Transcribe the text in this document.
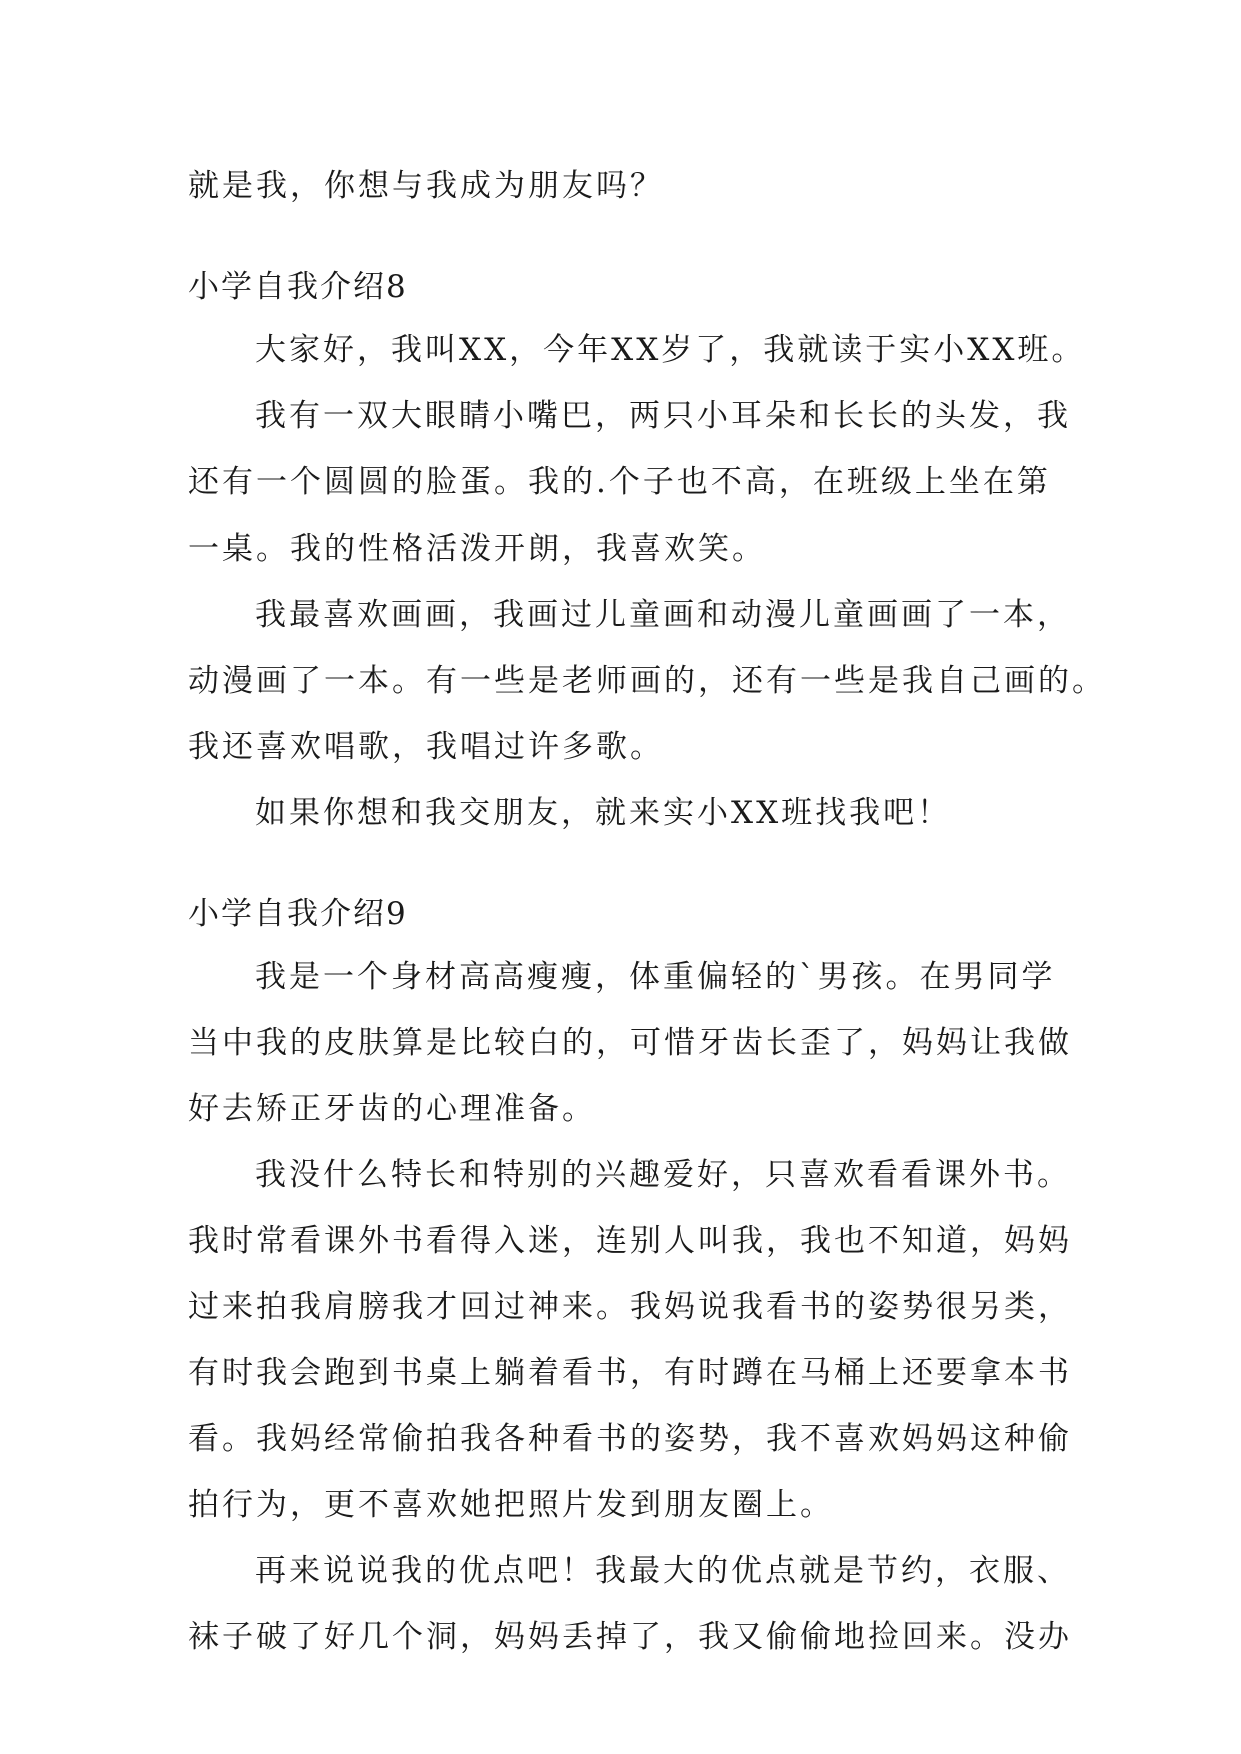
就是我，你想与我成为朋友吗？
小学自我介绍8
大家好，我叫XX，今年XX岁了，我就读于实小XX班。
我有一双大眼睛小嘴巴，两只小耳朵和长长的头发，我
还有一个圆圆的脸蛋。我的.个子也不高，在班级上坐在第
一桌。我的性格活泼开朗，我喜欢笑。
我最喜欢画画，我画过儿童画和动漫儿童画画了一本，
动漫画了一本。有一些是老师画的，还有一些是我自己画的。
我还喜欢唱歌，我唱过许多歌。
如果你想和我交朋友，就来实小XX班找我吧！
小学自我介绍9
我是一个身材高高瘦瘦，体重偏轻的`男孩。在男同学
当中我的皮肤算是比较白的，可惜牙齿长歪了，妈妈让我做
好去矫正牙齿的心理准备。
我没什么特长和特别的兴趣爱好，只喜欢看看课外书。
我时常看课外书看得入迷，连别人叫我，我也不知道，妈妈
过来拍我肩膀我才回过神来。我妈说我看书的姿势很另类，
有时我会跑到书桌上躺着看书，有时蹲在马桶上还要拿本书
看。我妈经常偷拍我各种看书的姿势，我不喜欢妈妈这种偷
拍行为，更不喜欢她把照片发到朋友圈上。
再来说说我的优点吧！我最大的优点就是节约，衣服、
袜子破了好几个洞，妈妈丢掉了，我又偷偷地捡回来。没办
